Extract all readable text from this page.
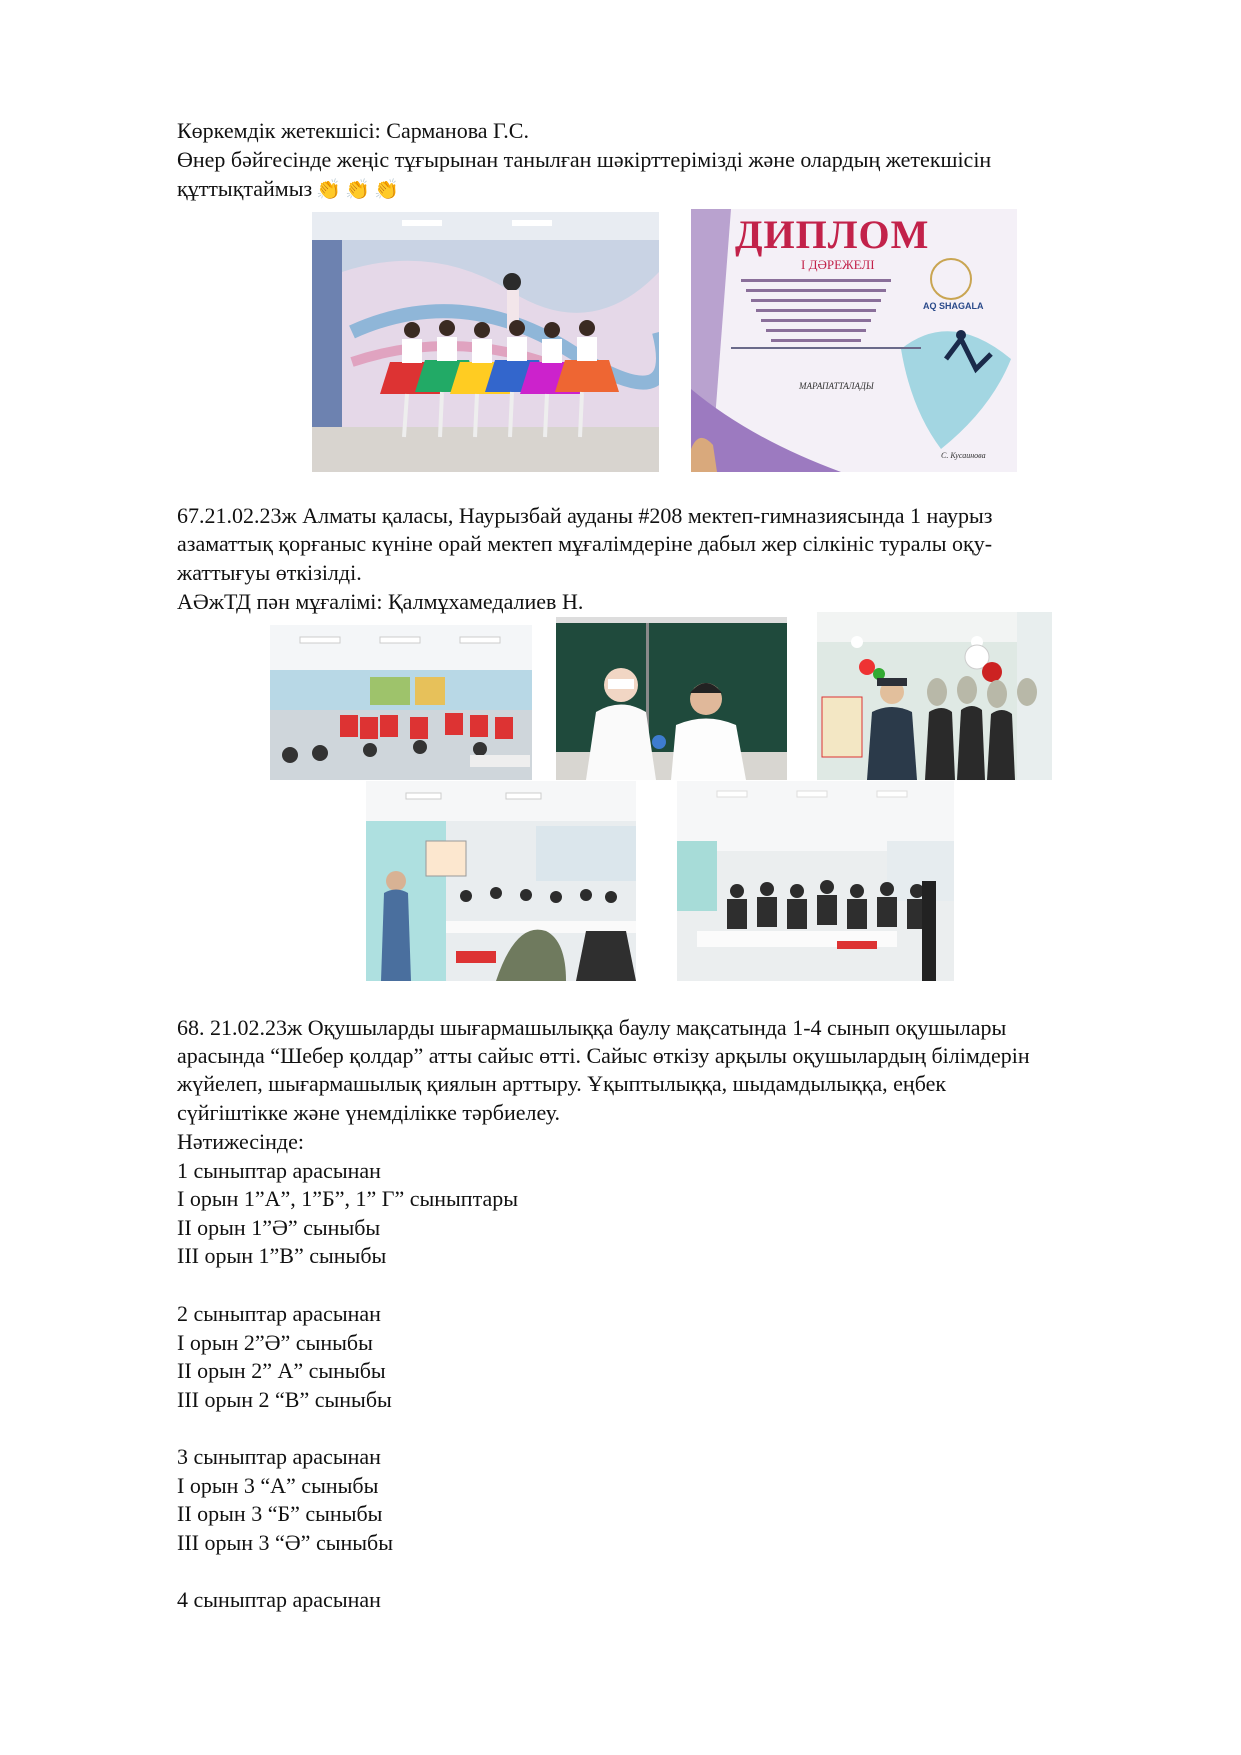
Көркемдік жетекшісі: Сарманова Г.С.
Өнер бәйгесінде жеңіс тұғырынан танылған шәкірттерімізді және олардың жетекшісін
құттықтаймыз 👏 👏 👏
ДИПЛОМ
І ДӘРЕЖЕЛІ
AQ SHAGALA
МАРАПАТТАЛАДЫ
С. Кусаинова
67.21.02.23ж Алматы қаласы, Наурызбай ауданы #208 мектеп-гимназиясында 1 наурыз
азаматтық қорғаныс күніне орай мектеп мұғалімдеріне дабыл жер сілкініс туралы оқу-
жаттығуы өткізілді.
АӘжТД пән мұғалімі: Қалмұхамедалиев Н.
68. 21.02.23ж Оқушыларды шығармашылыққа баулу мақсатында 1-4 сынып оқушылары
арасында “Шебер қолдар” атты сайыс өтті. Сайыс өткізу арқылы оқушылардың білімдерін
жүйелеп, шығармашылық қиялын арттыру. Ұқыптылыққа, шыдамдылыққа, еңбек
сүйгіштікке және үнемділікке тәрбиелеу.
Нәтижесінде:
1 сыныптар арасынан
І орын 1”А”, 1”Б”, 1” Г” сыныптары
ІІ орын 1”Ә” сыныбы
ІІІ орын 1”В” сыныбы
2 сыныптар арасынан
І орын 2”Ә” сыныбы
ІІ орын 2” А” сыныбы
ІІІ орын 2 “В” сыныбы
3 сыныптар арасынан
І орын 3 “А” сыныбы
ІІ орын 3 “Б” сыныбы
ІІІ орын 3 “Ә” сыныбы
4 сыныптар арасынан
